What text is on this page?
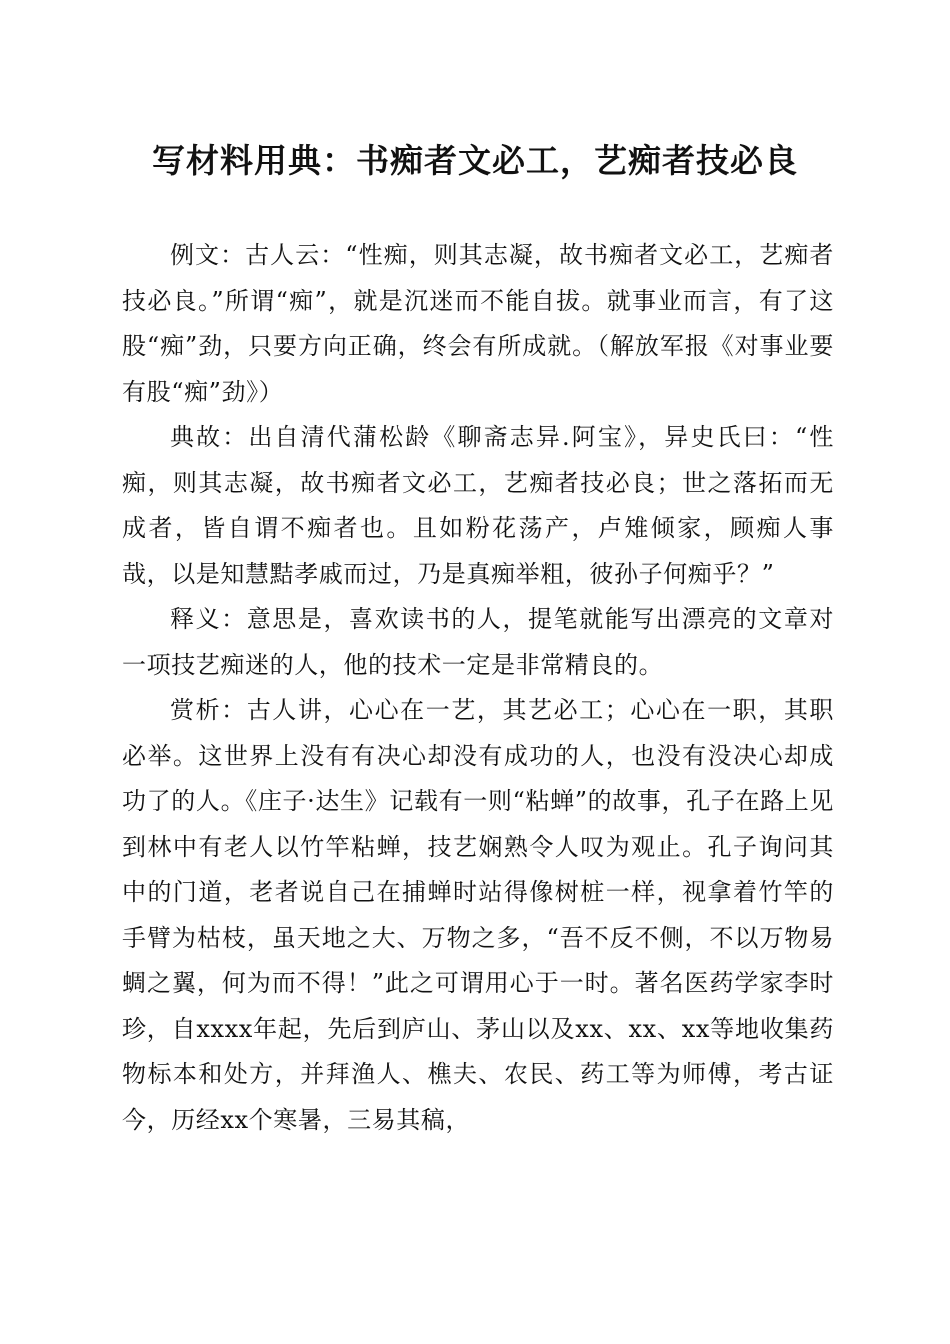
写材料用典：书痴者文必工，艺痴者技必良

例文：古人云：“性痴，则其志凝，故书痴者文必工，艺痴者技必良。”所谓“痴”，就是沉迷而不能自拔。就事业而言，有了这股“痴”劲，只要方向正确，终会有所成就。（解放军报《对事业要有股“痴”劲》）

典故：出自清代蒲松龄《聊斋志异.阿宝》，异史氏曰：“性痴，则其志凝，故书痴者文必工，艺痴者技必良；世之落拓而无成者，皆自谓不痴者也。且如粉花荡产，卢雉倾家，顾痴人事哉，以是知慧黠孝戚而过，乃是真痴举粗，彼孙子何痴乎？”

释义：意思是，喜欢读书的人，提笔就能写出漂亮的文章对一项技艺痴迷的人，他的技术一定是非常精良的。

赏析：古人讲，心心在一艺，其艺必工；心心在一职，其职必举。这世界上没有有决心却没有成功的人，也没有没决心却成功了的人。《庄子·达生》记载有一则“粘蝉”的故事，孔子在路上见到林中有老人以竹竿粘蝉，技艺娴熟令人叹为观止。孔子询问其中的门道，老者说自己在捕蝉时站得像树桩一样，视拿着竹竿的手臂为枯枝，虽天地之大、万物之多，“吾不反不侧，不以万物易蜩之翼，何为而不得！”此之可谓用心于一时。著名医药学家李时珍，自xxxx年起，先后到庐山、茅山以及xx、xx、xx等地收集药物标本和处方，并拜渔人、樵夫、农民、药工等为师傅，考古证今，历经xx个寒暑，三易其稿，
